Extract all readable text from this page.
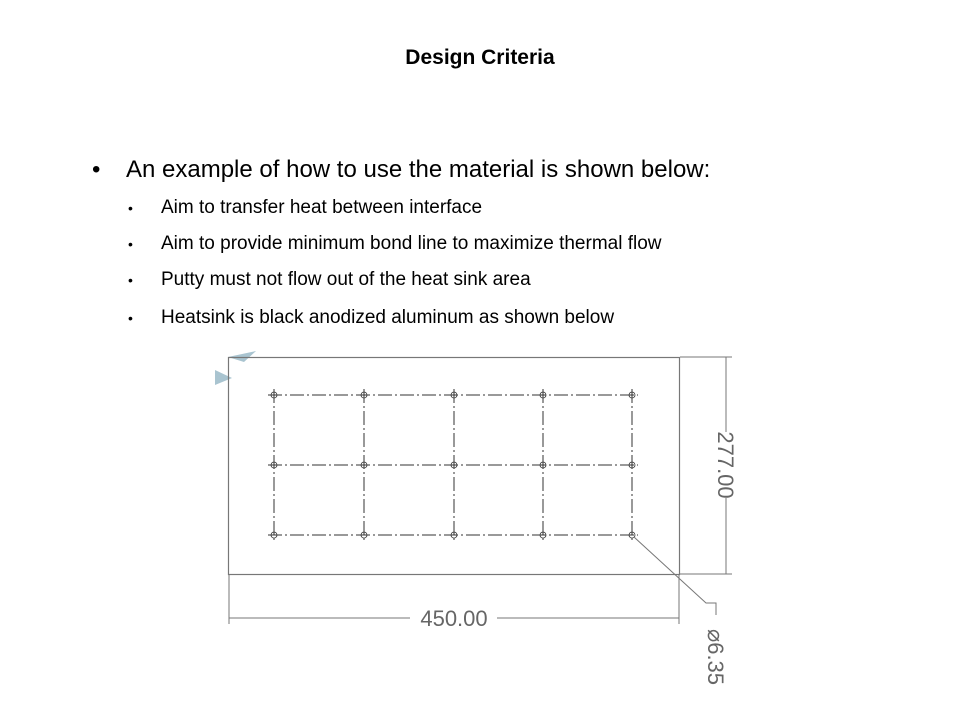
Design Criteria
• An example of how to use the material is shown below:
• Aim to transfer heat between interface
• Aim to provide minimum bond line to maximize thermal flow
• Putty must not flow out of the heat sink area
• Heatsink is black anodized aluminum as shown below
277.00
450.00
⌀6.35
